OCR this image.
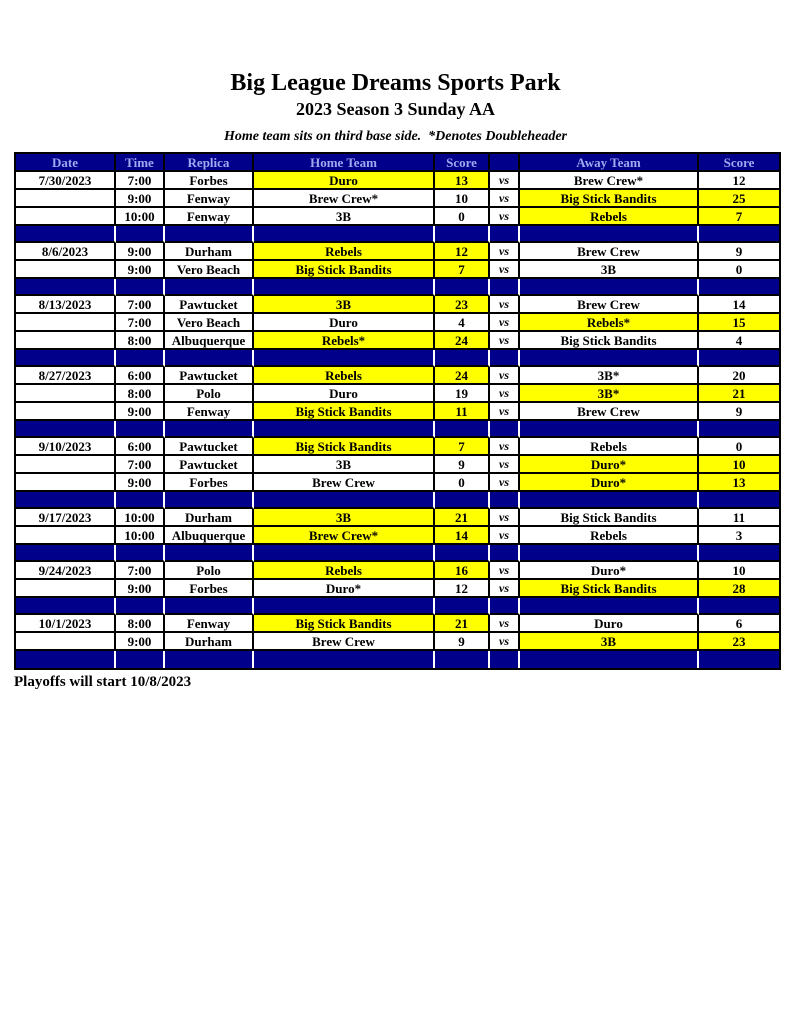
Big League Dreams Sports Park
2023 Season 3 Sunday AA
Home team sits on third base side.  *Denotes Doubleheader
Date	Time	Replica	Home Team	Score		Away Team	Score
7/30/2023	7:00	Forbes	Duro	13	vs	Brew Crew*	12
	9:00	Fenway	Brew Crew*	10	vs	Big Stick Bandits	25
	10:00	Fenway	3B	0	vs	Rebels	7

8/6/2023	9:00	Durham	Rebels	12	vs	Brew Crew	9
	9:00	Vero Beach	Big Stick Bandits	7	vs	3B	0

8/13/2023	7:00	Pawtucket	3B	23	vs	Brew Crew	14
	7:00	Vero Beach	Duro	4	vs	Rebels*	15
	8:00	Albuquerque	Rebels*	24	vs	Big Stick Bandits	4

8/27/2023	6:00	Pawtucket	Rebels	24	vs	3B*	20
	8:00	Polo	Duro	19	vs	3B*	21
	9:00	Fenway	Big Stick Bandits	11	vs	Brew Crew	9

9/10/2023	6:00	Pawtucket	Big Stick Bandits	7	vs	Rebels	0
	7:00	Pawtucket	3B	9	vs	Duro*	10
	9:00	Forbes	Brew Crew	0	vs	Duro*	13

9/17/2023	10:00	Durham	3B	21	vs	Big Stick Bandits	11
	10:00	Albuquerque	Brew Crew*	14	vs	Rebels	3

9/24/2023	7:00	Polo	Rebels	16	vs	Duro*	10
	9:00	Forbes	Duro*	12	vs	Big Stick Bandits	28

10/1/2023	8:00	Fenway	Big Stick Bandits	21	vs	Duro	6
	9:00	Durham	Brew Crew	9	vs	3B	23

Playoffs will start 10/8/2023
